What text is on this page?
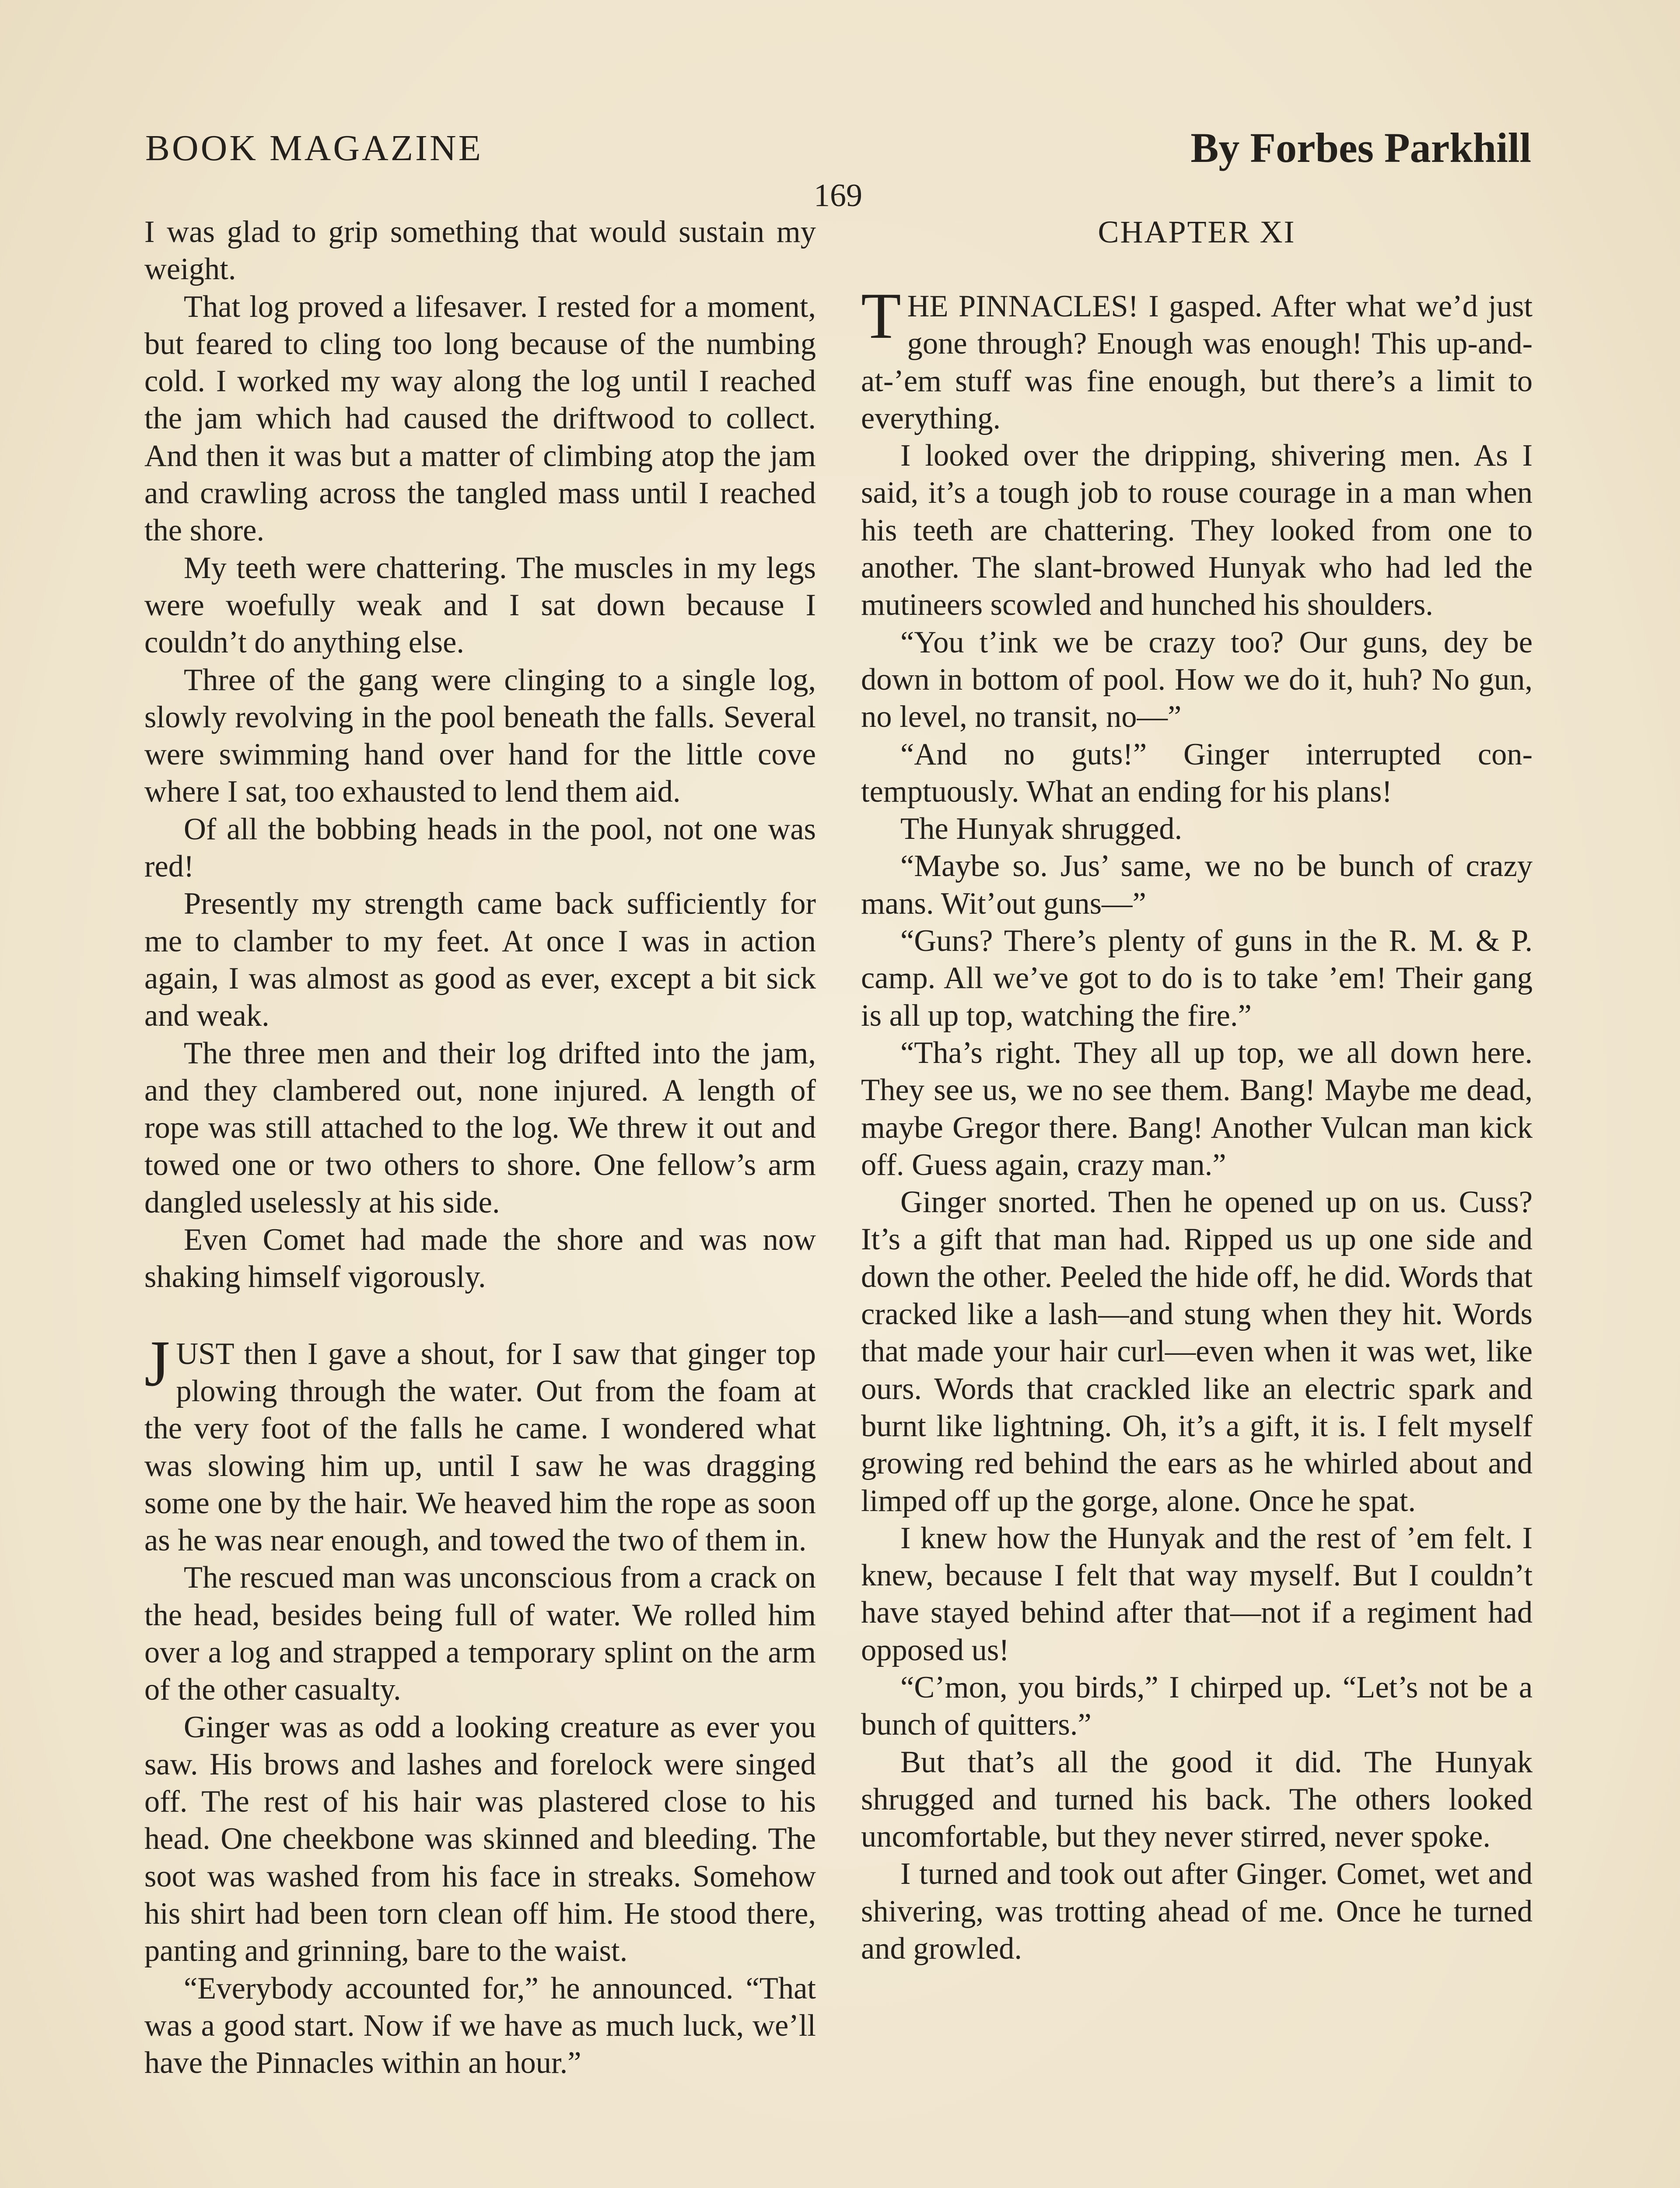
BOOK MAGAZINE	By Forbes Parkhill
169

I was glad to grip something that would sustain my weight.

That log proved a lifesaver. I rested for a moment, but feared to cling too long because of the numbing cold. I worked my way along the log until I reached the jam which had caused the driftwood to collect. And then it was but a matter of climbing atop the jam and crawling across the tangled mass until I reached the shore.

My teeth were chattering. The muscles in my legs were woefully weak and I sat down because I couldn’t do anything else.

Three of the gang were clinging to a single log, slowly revolving in the pool beneath the falls. Several were swimming hand over hand for the little cove where I sat, too exhausted to lend them aid.

Of all the bobbing heads in the pool, not one was red!

Presently my strength came back sufficiently for me to clamber to my feet. At once I was in action again, I was almost as good as ever, except a bit sick and weak.

The three men and their log drifted into the jam, and they clambered out, none injured. A length of rope was still attached to the log. We threw it out and towed one or two others to shore. One fellow’s arm dangled uselessly at his side.

Even Comet had made the shore and was now shaking himself vigorously.

JUST then I gave a shout, for I saw that ginger top plowing through the water. Out from the foam at the very foot of the falls he came. I wondered what was slowing him up, until I saw he was dragging some one by the hair. We heaved him the rope as soon as he was near enough, and towed the two of them in.

The rescued man was unconscious from a crack on the head, besides being full of water. We rolled him over a log and strapped a temporary splint on the arm of the other casualty.

Ginger was as odd a looking creature as ever you saw. His brows and lashes and forelock were singed off. The rest of his hair was plastered close to his head. One cheekbone was skinned and bleeding. The soot was washed from his face in streaks. Somehow his shirt had been torn clean off him. He stood there, panting and grinning, bare to the waist.

“Everybody accounted for,” he announced. “That was a good start. Now if we have as much luck, we’ll have the Pinnacles within an hour.”

CHAPTER XI

THE PINNACLES! I gasped. After what we’d just gone through? Enough was enough! This up-and-at-’em stuff was fine enough, but there’s a limit to everything.

I looked over the dripping, shivering men. As I said, it’s a tough job to rouse courage in a man when his teeth are chattering. They looked from one to another. The slant-browed Hunyak who had led the mutineers scowled and hunched his shoulders.

“You t’ink we be crazy too? Our guns, dey be down in bottom of pool. How we do it, huh? No gun, no level, no transit, no—”

“And no guts!” Ginger interrupted contemptuously. What an ending for his plans!

The Hunyak shrugged.

“Maybe so. Jus’ same, we no be bunch of crazy mans. Wit’out guns—”

“Guns? There’s plenty of guns in the R. M. & P. camp. All we’ve got to do is to take ’em! Their gang is all up top, watching the fire.”

“Tha’s right. They all up top, we all down here. They see us, we no see them. Bang! Maybe me dead, maybe Gregor there. Bang! Another Vulcan man kick off. Guess again, crazy man.”

Ginger snorted. Then he opened up on us. Cuss? It’s a gift that man had. Ripped us up one side and down the other. Peeled the hide off, he did. Words that cracked like a lash—and stung when they hit. Words that made your hair curl—even when it was wet, like ours. Words that crackled like an electric spark and burnt like lightning. Oh, it’s a gift, it is. I felt myself growing red behind the ears as he whirled about and limped off up the gorge, alone. Once he spat.

I knew how the Hunyak and the rest of ’em felt. I knew, because I felt that way myself. But I couldn’t have stayed behind after that—not if a regiment had opposed us!

“C’mon, you birds,” I chirped up. “Let’s not be a bunch of quitters.”

But that’s all the good it did. The Hunyak shrugged and turned his back. The others looked uncomfortable, but they never stirred, never spoke.

I turned and took out after Ginger. Comet, wet and shivering, was trotting ahead of me. Once he turned and growled.
